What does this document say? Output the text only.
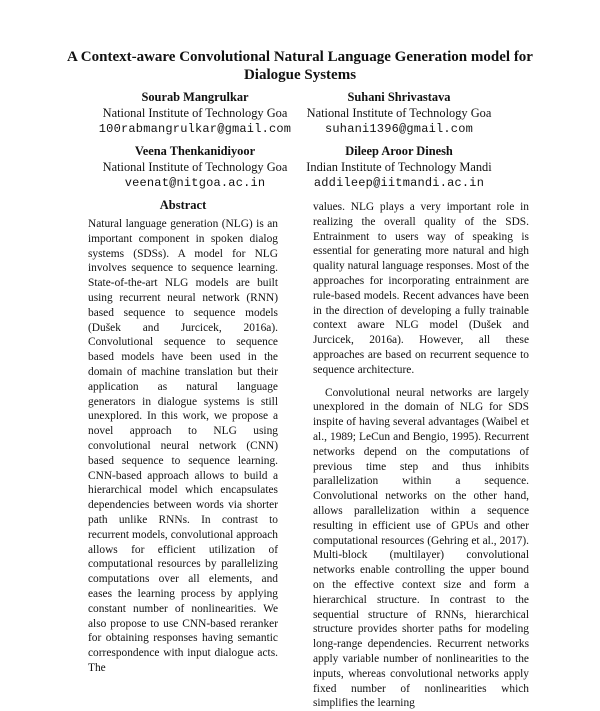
A Context-aware Convolutional Natural Language Generation model for Dialogue Systems
Sourab Mangrulkar
National Institute of Technology Goa
100rabmangrulkar@gmail.com
Suhani Shrivastava
National Institute of Technology Goa
suhani1396@gmail.com
Veena Thenkanidiyoor
National Institute of Technology Goa
veenat@nitgoa.ac.in
Dileep Aroor Dinesh
Indian Institute of Technology Mandi
addileep@iitmandi.ac.in
Abstract

Natural language generation (NLG) is an important component in spoken dialog systems (SDSs). A model for NLG involves sequence to sequence learning. State-of-the-art NLG models are built using recurrent neural network (RNN) based sequence to sequence models (Dušek and Jurcicek, 2016a). Convolutional sequence to sequence based models have been used in the domain of machine translation but their application as natural language generators in dialogue systems is still unexplored. In this work, we propose a novel approach to NLG using convolutional neural network (CNN) based sequence to sequence learning. CNN-based approach allows to build a hierarchical model which encapsulates dependencies between words via shorter path unlike RNNs. In contrast to recurrent models, convolutional approach allows for efficient utilization of computational resources by parallelizing computations over all elements, and eases the learning process by applying constant number of nonlinearities. We also propose to use CNN-based reranker for obtaining responses having semantic correspondence with input dialogue acts. The

values. NLG plays a very important role in realizing the overall quality of the SDS. Entrainment to users way of speaking is essential for generating more natural and high quality natural language responses. Most of the approaches for incorporating entrainment are rule-based models. Recent advances have been in the direction of developing a fully trainable context aware NLG model (Dušek and Jurcicek, 2016a). However, all these approaches are based on recurrent sequence to sequence architecture.

Convolutional neural networks are largely unexplored in the domain of NLG for SDS inspite of having several advantages (Waibel et al., 1989; LeCun and Bengio, 1995). Recurrent networks depend on the computations of previous time step and thus inhibits parallelization within a sequence. Convolutional networks on the other hand, allows parallelization within a sequence resulting in efficient use of GPUs and other computational resources (Gehring et al., 2017). Multi-block (multilayer) convolutional networks enable controlling the upper bound on the effective context size and form a hierarchical structure. In contrast to the sequential structure of RNNs, hierarchical structure provides shorter paths for modeling long-range dependencies. Recurrent networks apply variable number of nonlinearities to the inputs, whereas convolutional networks apply fixed number of nonlinearities which simplifies the learning
